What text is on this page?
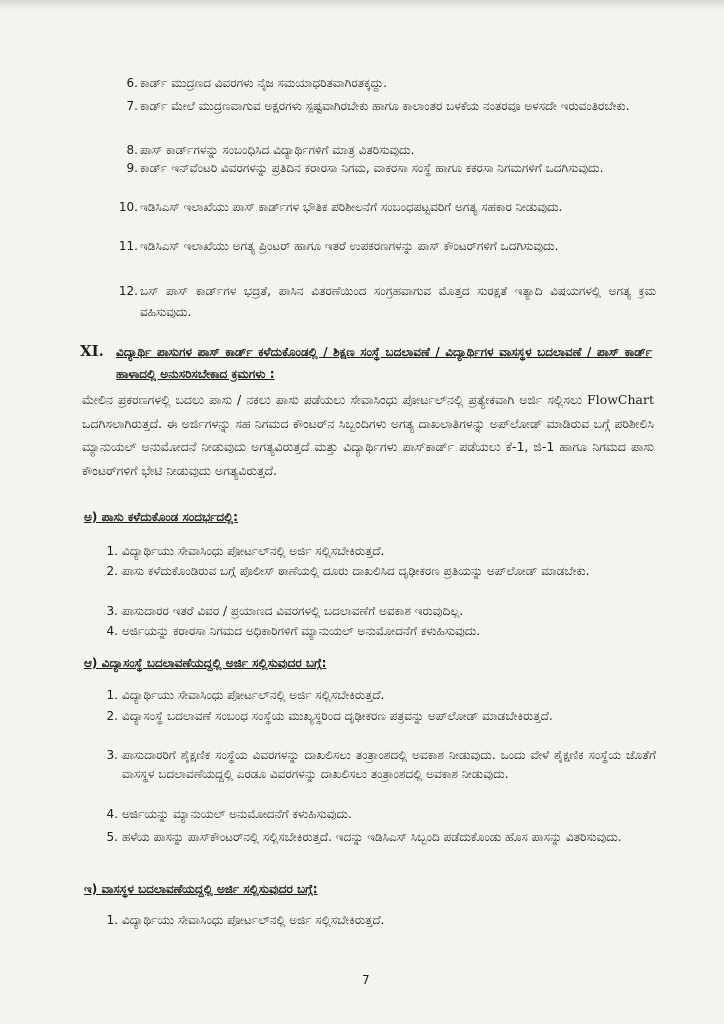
6. ಕಾರ್ಡ್ ಮುದ್ರಣದ ವಿವರಗಳು ನೈಜ ಸಮಯಾಧರಿತವಾಗಿರತಕ್ಕದ್ದು.
7. ಕಾರ್ಡ್ ಮೇಲೆ ಮುದ್ರಣವಾಗುವ ಅಕ್ಷರಗಳು ಸ್ಪಷ್ಟವಾಗಿರಬೇಕು ಹಾಗೂ ಕಾಲಾಂತರ ಬಳಕೆಯ ನಂತರವೂ ಅಳಸದೇ ಇರುವಂತಿರಬೇಕು.
8. ಪಾಸ್ ಕಾರ್ಡ್‌ಗಳನ್ನು ಸಂಬಂಧಿಸಿದ ವಿದ್ಯಾರ್ಥಿಗಳಿಗೆ ಮಾತ್ರ ವಿತರಿಸುವುದು.
9. ಕಾರ್ಡ್ ಇನ್‌ವೆಂಟರಿ ವಿವರಗಳನ್ನು ಪ್ರತಿದಿನ ಕರಾರಸಾ ನಿಗಮ, ವಾಕರಸಾ ಸಂಸ್ಥೆ ಹಾಗೂ ಕಕರಸಾ ನಿಗಮಗಳಿಗೆ ಒದಗಿಸುವುದು.
10. ಇಡಿಸಿಎಸ್ ಇಲಾಖೆಯು ಪಾಸ್ ಕಾರ್ಡ್‌ಗಳ ಭೌತಿಕ ಪರಿಶೀಲನೆಗೆ ಸಂಬಂಧಪಟ್ಟವರಿಗೆ ಅಗತ್ಯ ಸಹಕಾರ ನೀಡುವುದು.
11. ಇಡಿಸಿಎಸ್ ಇಲಾಖೆಯು ಅಗತ್ಯ ಪ್ರಿಂಟರ್ ಹಾಗೂ ಇತರೆ ಉಪಕರಣಗಳನ್ನು ಪಾಸ್ ಕೌಂಟರ್‌ಗಳಿಗೆ ಒದಗಿಸುವುದು.
12. ಬಸ್ ಪಾಸ್ ಕಾರ್ಡ್‌ಗಳ ಭದ್ರತೆ, ಪಾಸಿನ ವಿತರಣೆಯಿಂದ ಸಂಗ್ರಹವಾಗುವ ಮೊತ್ತದ ಸುರಕ್ಷತೆ ಇತ್ಯಾದಿ ವಿಷಯಗಳಲ್ಲಿ ಅಗತ್ಯ ಕ್ರಮ ವಹಿಸುವುದು.
XI. ವಿದ್ಯಾರ್ಥಿ ಪಾಸುಗಳ ಪಾಸ್ ಕಾರ್ಡ್ ಕಳೆದುಕೊಂಡಲ್ಲಿ / ಶಿಕ್ಷಣ ಸಂಸ್ಥೆ ಬದಲಾವಣೆ / ವಿದ್ಯಾರ್ಥಿಗಳ ವಾಸಸ್ಥಳ ಬದಲಾವಣೆ / ಪಾಸ್ ಕಾರ್ಡ್ ಹಾಳಾದಲ್ಲಿ ಅನುಸರಿಸಬೇಕಾದ ಕ್ರಮಗಳು :
ಮೇಲಿನ ಪ್ರಕರಣಗಳಲ್ಲಿ ಬದಲು ಪಾಸು / ನಕಲು ಪಾಸು ಪಡೆಯಲು ಸೇವಾಸಿಂಧು ಪೋರ್ಟಲ್‌ನಲ್ಲಿ ಪ್ರತ್ಯೇಕವಾಗಿ ಅರ್ಜಿ ಸಲ್ಲಿಸಲು FlowChart ಒದಗಿಸಲಾಗಿರುತ್ತದೆ. ಈ ಅರ್ಜಿಗಳನ್ನು ಸಹ ನಿಗಮದ ಕೌಂಟರ್‌ನ ಸಿಬ್ಬಂದಿಗಳು ಅಗತ್ಯ ದಾಖಲಾತಿಗಳನ್ನು ಅಪ್‌ಲೋಡ್ ಮಾಡಿರುವ ಬಗ್ಗೆ ಪರಿಶೀಲಿಸಿ ಮ್ಯಾನುಯಲ್ ಅನುಮೋದನೆ ನೀಡುವುದು ಅಗತ್ಯವಿರುತ್ತದೆ ಮತ್ತು ವಿದ್ಯಾರ್ಥಿಗಳು ಪಾಸ್‌ಕಾರ್ಡ್ ಪಡೆಯಲು ಕೆ-1, ಜಿ-1 ಹಾಗೂ ನಿಗಮದ ಪಾಸು ಕೌಂಟರ್‌ಗಳಿಗೆ ಭೇಟಿ ನೀಡುವುದು ಅಗತ್ಯವಿರುತ್ತದೆ.
ಅ) ಪಾಸು ಕಳೆದುಕೊಂಡ ಸಂದರ್ಭದಲ್ಲಿ:
1. ವಿದ್ಯಾರ್ಥಿಯು ಸೇವಾಸಿಂಧು ಪೋರ್ಟಲ್‌ನಲ್ಲಿ ಅರ್ಜಿ ಸಲ್ಲಿಸಬೇಕಿರುತ್ತದೆ.
2. ಪಾಸು ಕಳೆದುಕೊಂಡಿರುವ ಬಗ್ಗೆ ಪೊಲೀಸ್ ಠಾಣೆಯಲ್ಲಿ ದೂರು ದಾಖಲಿಸಿದ ದೃಢೀಕರಣ ಪ್ರತಿಯನ್ನು ಅಪ್‌ಲೋಡ್ ಮಾಡಬೇಕು.
3. ಪಾಸುದಾರರ ಇತರೆ ವಿವರ / ಪ್ರಯಾಣದ ವಿವರಗಳಲ್ಲಿ ಬದಲಾವಣೆಗೆ ಅವಕಾಶ ಇರುವುದಿಲ್ಲ.
4. ಅರ್ಜಿಯನ್ನು ಕರಾರಸಾ ನಿಗಮದ ಅಧಿಕಾರಿಗಳಿಗೆ ಮ್ಯಾನುಯಲ್ ಅನುಮೋದನೆಗೆ ಕಳುಹಿಸುವುದು.
ಆ) ವಿದ್ಯಾಸಂಸ್ಥೆ ಬದಲಾವಣೆಯದ್ದಲ್ಲಿ ಅರ್ಜಿ ಸಲ್ಲಿಸುವುದರ ಬಗ್ಗೆ:
1. ವಿದ್ಯಾರ್ಥಿಯು ಸೇವಾಸಿಂಧು ಪೋರ್ಟಲ್‌ನಲ್ಲಿ ಅರ್ಜಿ ಸಲ್ಲಿಸಬೇಕಿರುತ್ತದೆ.
2. ವಿದ್ಯಾಸಂಸ್ಥೆ ಬದಲಾವಣೆ ಸಂಬಂಧ ಸಂಸ್ಥೆಯ ಮುಖ್ಯಸ್ಥರಿಂದ ದೃಢೀಕರಣ ಪತ್ರವನ್ನು ಅಪ್‌ಲೋಡ್ ಮಾಡಬೇಕಿರುತ್ತದೆ.
3. ಪಾಸುದಾರರಿಗೆ ಶೈಕ್ಷಣಿಕ ಸಂಸ್ಥೆಯ ವಿವರಗಳನ್ನು ದಾಖಲಿಸಲು ತಂತ್ರಾಂಶದಲ್ಲಿ ಅವಕಾಶ ನೀಡುವುದು. ಒಂದು ವೇಳೆ ಶೈಕ್ಷಣಿಕ ಸಂಸ್ಥೆಯ ಜೊತೆಗೆ ವಾಸಸ್ಥಳ ಬದಲಾವಣೆಯದ್ದಲ್ಲಿ ಎರಡೂ ವಿವರಗಳನ್ನು ದಾಖಲಿಸಲು ತಂತ್ರಾಂಶದಲ್ಲಿ ಅವಕಾಶ ನೀಡುವುದು.
4. ಅರ್ಜಿಯನ್ನು ಮ್ಯಾನುಯಲ್ ಅನುಮೋದನೆಗೆ ಕಳುಹಿಸುವುದು.
5. ಹಳೆಯ ಪಾಸನ್ನು ಪಾಸ್‌ಕೌಂಟರ್‌ನಲ್ಲಿ ಸಲ್ಲಿಸಬೇಕಿರುತ್ತದೆ. ಇದನ್ನು ಇಡಿಸಿಎಸ್ ಸಿಬ್ಬಂದಿ ಪಡೆದುಕೊಂಡು ಹೊಸ ಪಾಸನ್ನು ವಿತರಿಸುವುದು.
ಇ) ವಾಸಸ್ಥಳ ಬದಲಾವಣೆಯದ್ದಲ್ಲಿ ಅರ್ಜಿ ಸಲ್ಲಿಸುವುದರ ಬಗ್ಗೆ:
1. ವಿದ್ಯಾರ್ಥಿಯು ಸೇವಾಸಿಂಧು ಪೋರ್ಟಲ್‌ನಲ್ಲಿ ಅರ್ಜಿ ಸಲ್ಲಿಸಬೇಕಿರುತ್ತದೆ.
7
